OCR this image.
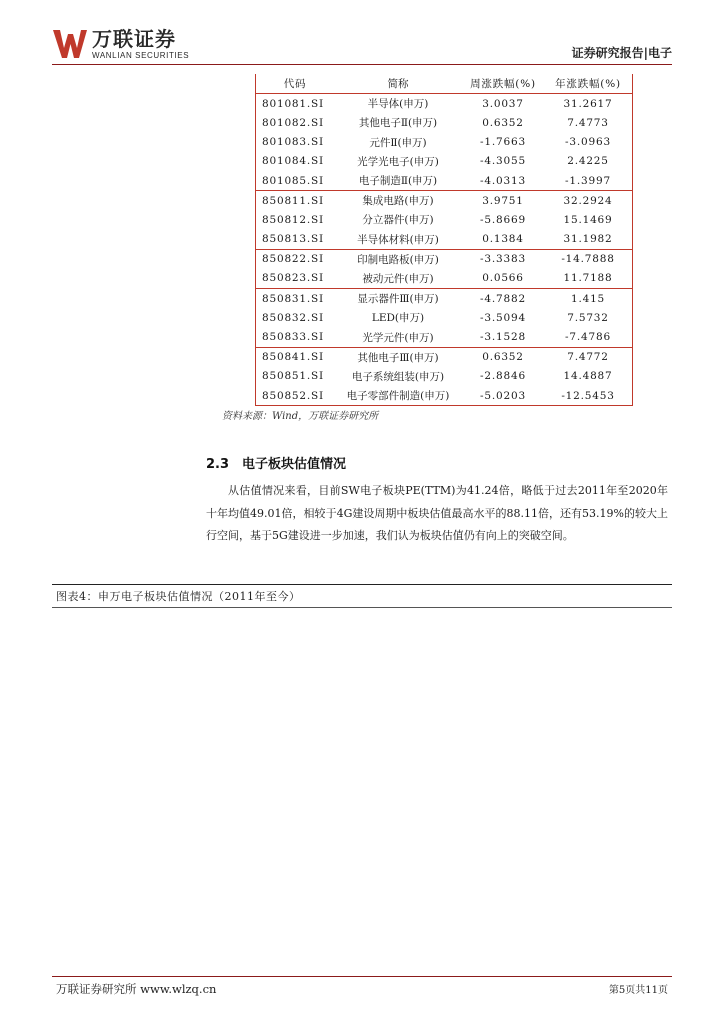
万联证券
WANLIAN SECURITIES	证券研究报告|电子
代码	简称	周涨跌幅(%)	年涨跌幅(%)
801081.SI	半导体(申万)	3.0037	31.2617
801082.SI	其他电子Ⅱ(申万)	0.6352	7.4773
801083.SI	元件Ⅱ(申万)	-1.7663	-3.0963
801084.SI	光学光电子(申万)	-4.3055	2.4225
801085.SI	电子制造Ⅱ(申万)	-4.0313	-1.3997
850811.SI	集成电路(申万)	3.9751	32.2924
850812.SI	分立器件(申万)	-5.8669	15.1469
850813.SI	半导体材料(申万)	0.1384	31.1982
850822.SI	印制电路板(申万)	-3.3383	-14.7888
850823.SI	被动元件(申万)	0.0566	11.7188
850831.SI	显示器件Ⅲ(申万)	-4.7882	1.415
850832.SI	LED(申万)	-3.5094	7.5732
850833.SI	光学元件(申万)	-3.1528	-7.4786
850841.SI	其他电子Ⅲ(申万)	0.6352	7.4772
850851.SI	电子系统组装(申万)	-2.8846	14.4887
850852.SI	电子零部件制造(申万)	-5.0203	-12.5453
资料来源：Wind，万联证券研究所
2.3 电子板块估值情况

从估值情况来看，目前SW电子板块PE(TTM)为41.24倍，略低于过去2011年至2020年十年均值49.01倍，相较于4G建设周期中板块估值最高水平的88.11倍，还有53.19%的较大上行空间，基于5G建设进一步加速，我们认为板块估值仍有向上的突破空间。

图表4：申万电子板块估值情况（2011年至今）
万联证券研究所 www.wlzq.cn	第5页共11页
